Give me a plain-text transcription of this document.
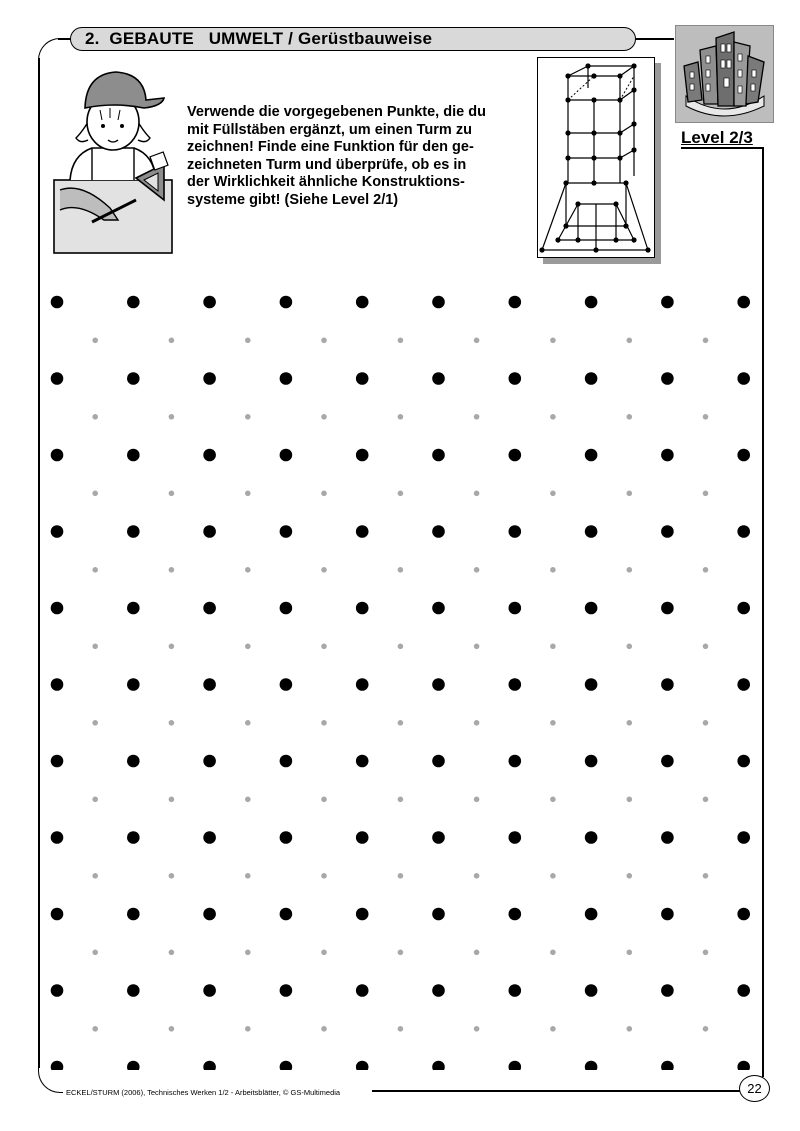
2.  GEBAUTE   UMWELT / Gerüstbauweise

Verwende die vorgegebenen Punkte, die du
mit Füllstäben ergänzt, um einen Turm zu
zeichnen! Finde eine Funktion für den ge-
zeichneten Turm und überprüfe, ob es in
der Wirklichkeit ähnliche Konstruktions-
systeme gibt! (Siehe Level 2/1)

Level 2/3
ECKEL/STURM (2006), Technisches Werken 1/2 - Arbeitsblätter, © GS-Multimedia	22
